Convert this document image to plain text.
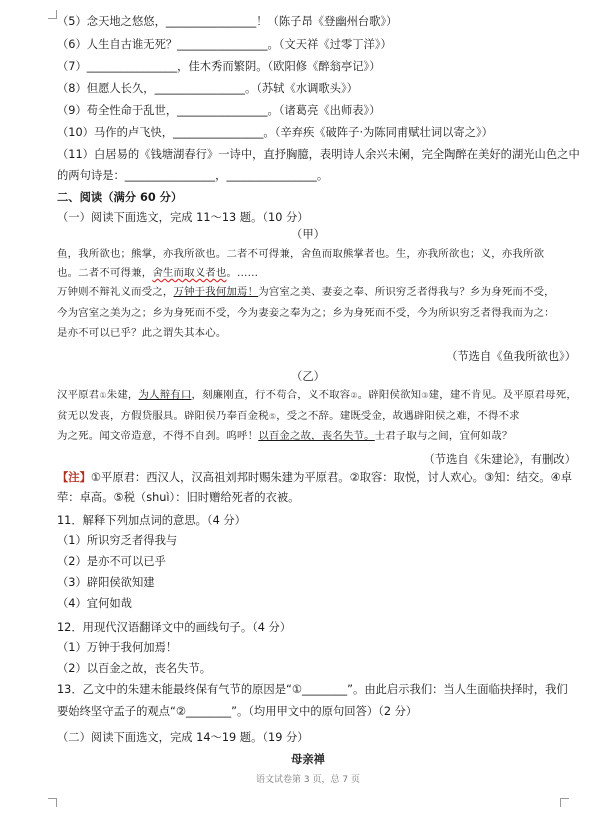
（5）念天地之悠悠，________________！（陈子昂《登幽州台歌》）
（6）人生自古谁无死？________________。（文天祥《过零丁洋》）
（7）________________，佳木秀而繁阴。（欧阳修《醉翁亭记》）
（8）但愿人长久，________________。（苏轼《水调歌头》）
（9）苟全性命于乱世，________________。（诸葛亮《出师表》）
（10）马作的卢飞快，________________。（辛弃疾《破阵子·为陈同甫赋壮词以寄之》）
（11）白居易的《钱塘湖春行》一诗中，直抒胸臆，表明诗人余兴未阑，完全陶醉在美好的湖光山色之中
的两句诗是：________________，________________。
二、阅读（满分 60 分）
（一）阅读下面选文，完成 11～13 题。（10 分）
（甲）
鱼，我所欲也；熊掌，亦我所欲也。二者不可得兼，舍鱼而取熊掌者也。生，亦我所欲也；义，亦我所欲
也。二者不可得兼，舍生而取义者也。……
万钟则不辩礼义而受之，万钟于我何加焉！为宫室之美、妻妾之奉、所识穷乏者得我与？乡为身死而不受，
今为宫室之美为之；乡为身死而不受，今为妻妾之奉为之；乡为身死而不受，今为所识穷乏者得我而为之：
是亦不可以已乎？此之谓失其本心。
（节选自《鱼我所欲也》）
（乙）
汉平原君①朱建，为人辩有口，刻廉刚直，行不苟合，义不取容②。辟阳侯欲知③建，建不肯见。及平原君母死，
贫无以发丧，方假贷服具。辟阳侯乃奉百金税⑤，受之不辞。建既受金，故遇辟阳侯之难，不得不求
为之死。闻文帝造意，不得不自刭。呜呼！以百金之故，丧名失节。士君子取与之间，宜何如哉？
（节选自《朱建论》，有删改）
【注】①平原君：西汉人，汉高祖刘邦时赐朱建为平原君。②取容：取悦，讨人欢心。③知：结交。④卓
荦：卓高。⑤税（shuì）：旧时赠给死者的衣被。
11．解释下列加点词的意思。（4 分）
（1）所识穷乏者得我与
（2）是亦不可以已乎
（3）辟阳侯欲知建
（4）宜何如哉
12．用现代汉语翻译文中的画线句子。（4 分）
（1）万钟于我何加焉！
（2）以百金之故，丧名失节。
13．乙文中的朱建未能最终保有气节的原因是“①________”。由此启示我们：当人生面临抉择时，我们
要始终坚守孟子的观点“②________”。（均用甲文中的原句回答）（2 分）
（二）阅读下面选文，完成 14～19 题。（19 分）
母亲禅
语文试卷第 3 页，总 7 页
